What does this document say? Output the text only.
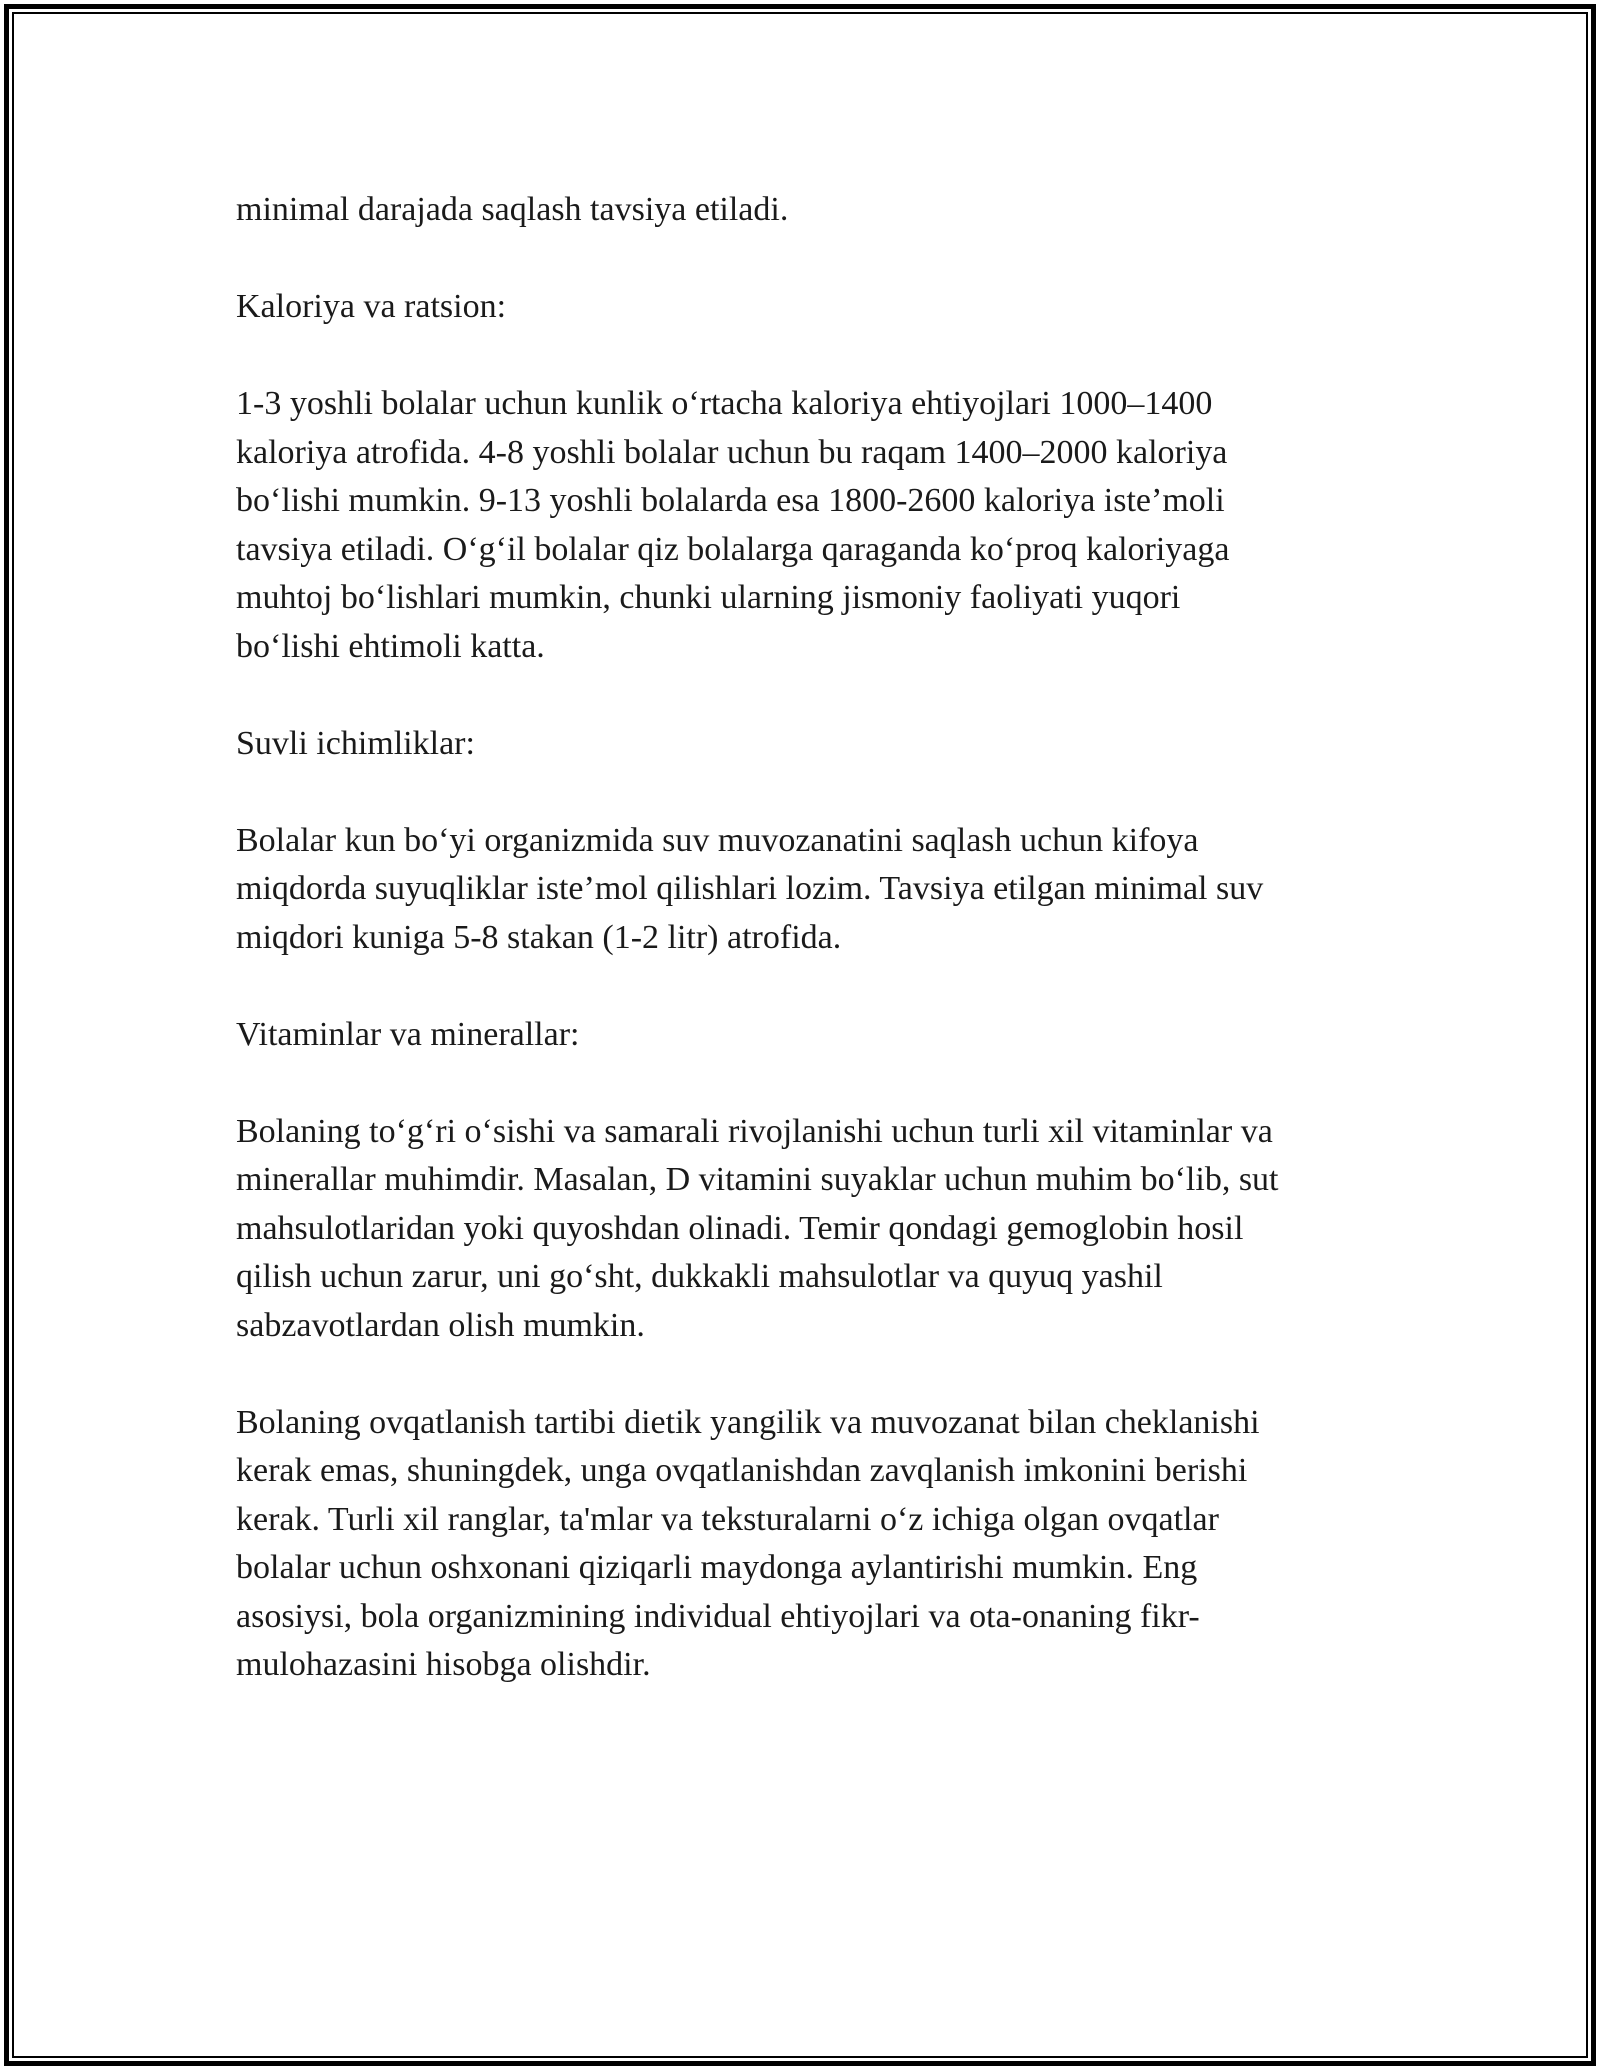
minimal darajada saqlash tavsiya etiladi.

Kaloriya va ratsion:

1-3 yoshli bolalar uchun kunlik o‘rtacha kaloriya ehtiyojlari 1000–1400
kaloriya atrofida. 4-8 yoshli bolalar uchun bu raqam 1400–2000 kaloriya
bo‘lishi mumkin. 9-13 yoshli bolalarda esa 1800-2600 kaloriya iste’moli
tavsiya etiladi. O‘g‘il bolalar qiz bolalarga qaraganda ko‘proq kaloriyaga
muhtoj bo‘lishlari mumkin, chunki ularning jismoniy faoliyati yuqori
bo‘lishi ehtimoli katta.

Suvli ichimliklar:

Bolalar kun bo‘yi organizmida suv muvozanatini saqlash uchun kifoya
miqdorda suyuqliklar iste’mol qilishlari lozim. Tavsiya etilgan minimal suv
miqdori kuniga 5-8 stakan (1-2 litr) atrofida.

Vitaminlar va minerallar:

Bolaning to‘g‘ri o‘sishi va samarali rivojlanishi uchun turli xil vitaminlar va
minerallar muhimdir. Masalan, D vitamini suyaklar uchun muhim bo‘lib, sut
mahsulotlaridan yoki quyoshdan olinadi. Temir qondagi gemoglobin hosil
qilish uchun zarur, uni go‘sht, dukkakli mahsulotlar va quyuq yashil
sabzavotlardan olish mumkin.

Bolaning ovqatlanish tartibi dietik yangilik va muvozanat bilan cheklanishi
kerak emas, shuningdek, unga ovqatlanishdan zavqlanish imkonini berishi
kerak. Turli xil ranglar, ta'mlar va teksturalarni o‘z ichiga olgan ovqatlar
bolalar uchun oshxonani qiziqarli maydonga aylantirishi mumkin. Eng
asosiysi, bola organizmining individual ehtiyojlari va ota-onaning fikr-
mulohazasini hisobga olishdir.
